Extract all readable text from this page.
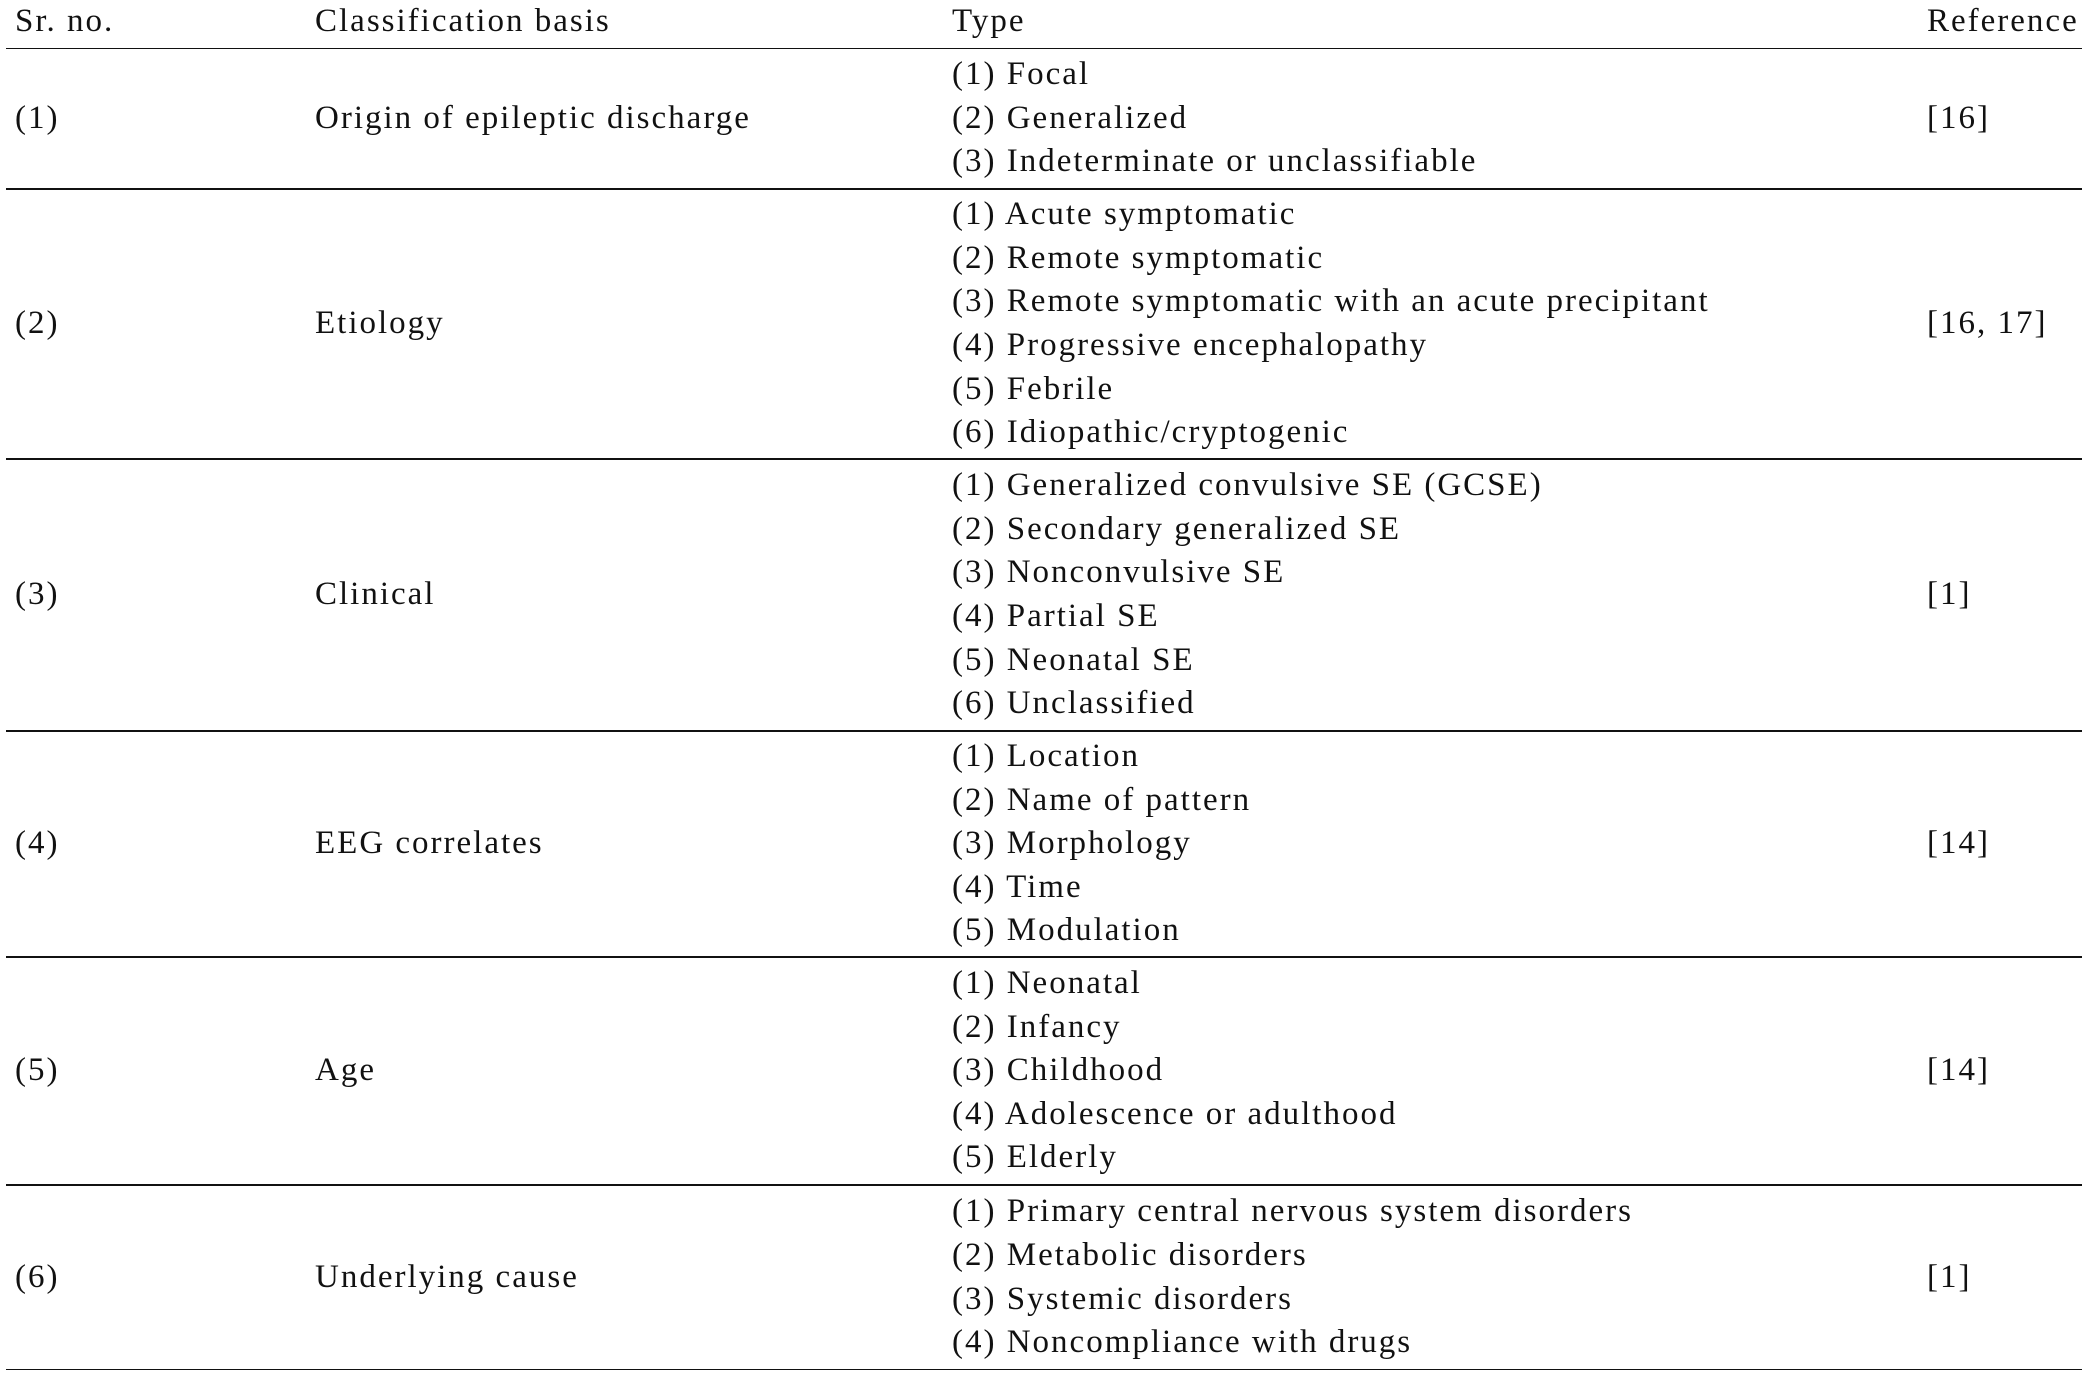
Sr. no.	Classification basis	Type	Reference
(1)	Origin of epileptic discharge
(1) Focal
(2) Generalized
(3) Indeterminate or unclassifiable
[16]
(2)	Etiology
(1) Acute symptomatic
(2) Remote symptomatic
(3) Remote symptomatic with an acute precipitant
(4) Progressive encephalopathy
(5) Febrile
(6) Idiopathic/cryptogenic
[16, 17]
(3)	Clinical
(1) Generalized convulsive SE (GCSE)
(2) Secondary generalized SE
(3) Nonconvulsive SE
(4) Partial SE
(5) Neonatal SE
(6) Unclassified
[1]
(4)	EEG correlates
(1) Location
(2) Name of pattern
(3) Morphology
(4) Time
(5) Modulation
[14]
(5)	Age
(1) Neonatal
(2) Infancy
(3) Childhood
(4) Adolescence or adulthood
(5) Elderly
[14]
(6)	Underlying cause
(1) Primary central nervous system disorders
(2) Metabolic disorders
(3) Systemic disorders
(4) Noncompliance with drugs
[1]
